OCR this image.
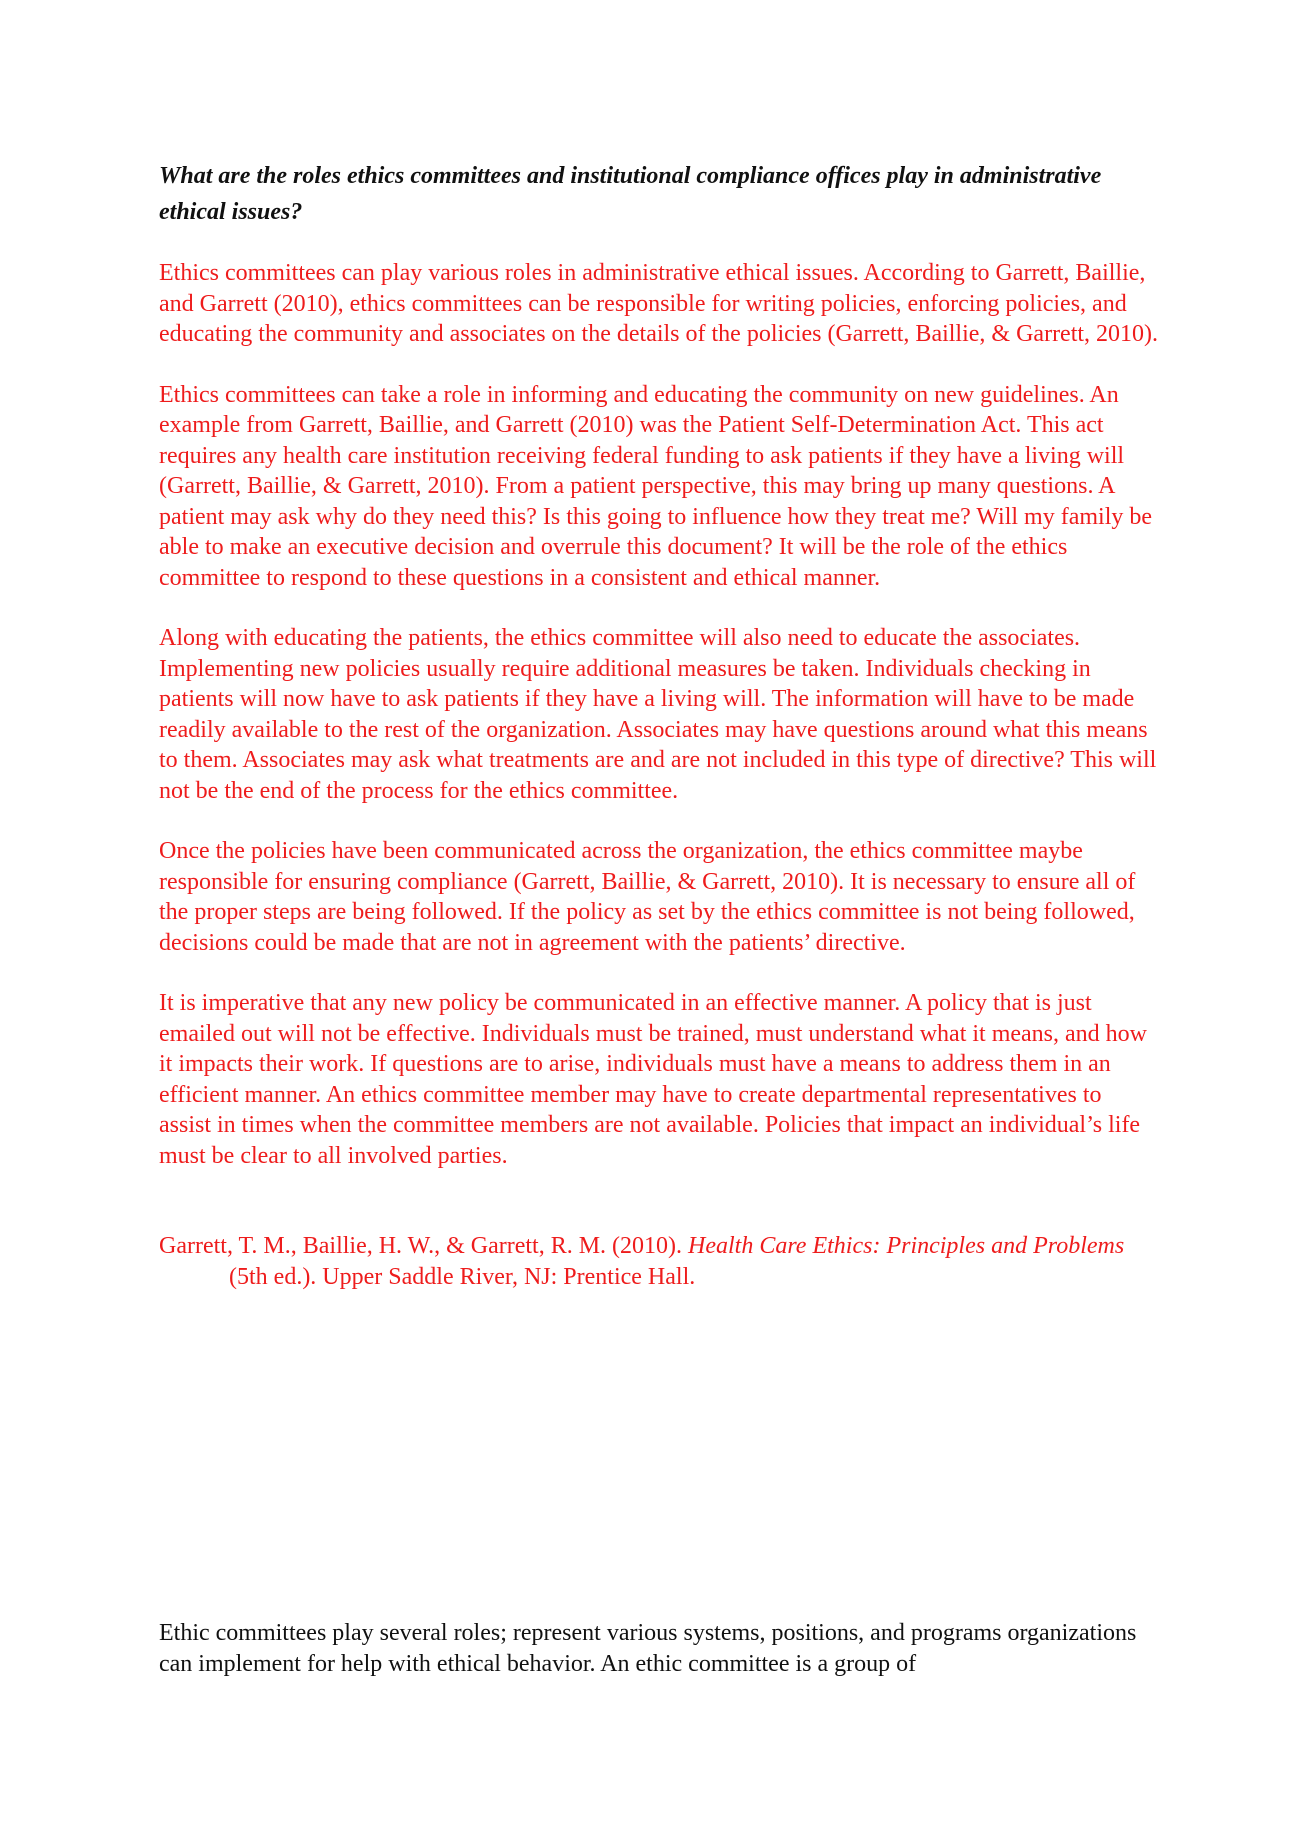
What are the roles ethics committees and institutional compliance offices play in administrative ethical issues?

Ethics committees can play various roles in administrative ethical issues. According to Garrett, Baillie, and Garrett (2010), ethics committees can be responsible for writing policies, enforcing policies, and educating the community and associates on the details of the policies (Garrett, Baillie, & Garrett, 2010).

Ethics committees can take a role in informing and educating the community on new guidelines. An example from Garrett, Baillie, and Garrett (2010) was the Patient Self-Determination Act. This act requires any health care institution receiving federal funding to ask patients if they have a living will (Garrett, Baillie, & Garrett, 2010). From a patient perspective, this may bring up many questions. A patient may ask why do they need this? Is this going to influence how they treat me? Will my family be able to make an executive decision and overrule this document? It will be the role of the ethics committee to respond to these questions in a consistent and ethical manner.

Along with educating the patients, the ethics committee will also need to educate the associates. Implementing new policies usually require additional measures be taken. Individuals checking in patients will now have to ask patients if they have a living will. The information will have to be made readily available to the rest of the organization. Associates may have questions around what this means to them. Associates may ask what treatments are and are not included in this type of directive? This will not be the end of the process for the ethics committee.

Once the policies have been communicated across the organization, the ethics committee maybe responsible for ensuring compliance (Garrett, Baillie, & Garrett, 2010). It is necessary to ensure all of the proper steps are being followed. If the policy as set by the ethics committee is not being followed, decisions could be made that are not in agreement with the patients’ directive.

It is imperative that any new policy be communicated in an effective manner. A policy that is just emailed out will not be effective. Individuals must be trained, must understand what it means, and how it impacts their work. If questions are to arise, individuals must have a means to address them in an efficient manner. An ethics committee member may have to create departmental representatives to assist in times when the committee members are not available. Policies that impact an individual’s life must be clear to all involved parties.

Garrett, T. M., Baillie, H. W., & Garrett, R. M. (2010). Health Care Ethics: Principles and Problems (5th ed.). Upper Saddle River, NJ: Prentice Hall.

Ethic committees play several roles; represent various systems, positions, and programs organizations can implement for help with ethical behavior. An ethic committee is a group of
